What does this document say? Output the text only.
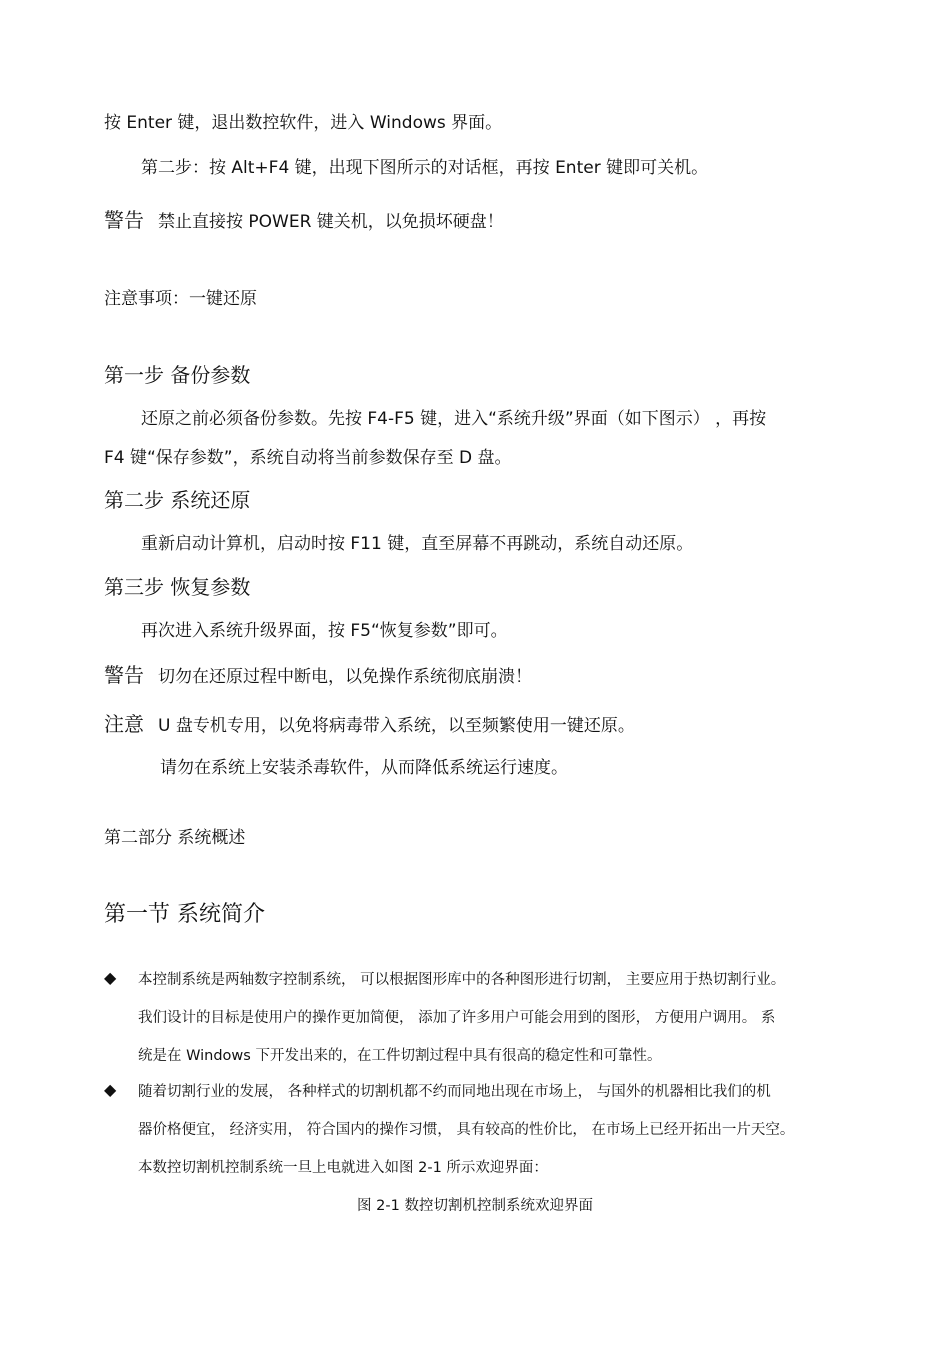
按 Enter 键，退出数控软件，进入 Windows 界面。
第二步：按 Alt+F4 键，出现下图所示的对话框，再按 Enter 键即可关机。
警告 禁止直接按 POWER 键关机，以免损坏硬盘！
注意事项：一键还原
第一步 备份参数
还原之前必须备份参数。先按 F4-F5 键，进入“系统升级”界面（如下图示） ，再按
F4 键“保存参数”，系统自动将当前参数保存至 D 盘。
第二步 系统还原
重新启动计算机，启动时按 F11 键，直至屏幕不再跳动，系统自动还原。
第三步 恢复参数
再次进入系统升级界面，按 F5“恢复参数”即可。
警告 切勿在还原过程中断电，以免操作系统彻底崩溃！
注意 U 盘专机专用，以免将病毒带入系统，以至频繁使用一键还原。
请勿在系统上安装杀毒软件，从而降低系统运行速度。
第二部分 系统概述
第一节 系统简介
◆ 本控制系统是两轴数字控制系统， 可以根据图形库中的各种图形进行切割， 主要应用于热切割行业。
我们设计的目标是使用户的操作更加简便， 添加了许多用户可能会用到的图形， 方便用户调用。 系
统是在 Windows 下开发出来的，在工件切割过程中具有很高的稳定性和可靠性。
◆ 随着切割行业的发展， 各种样式的切割机都不约而同地出现在市场上， 与国外的机器相比我们的机
器价格便宜， 经济实用， 符合国内的操作习惯， 具有较高的性价比， 在市场上已经开拓出一片天空。
本数控切割机控制系统一旦上电就进入如图 2-1 所示欢迎界面：
图 2-1 数控切割机控制系统欢迎界面
